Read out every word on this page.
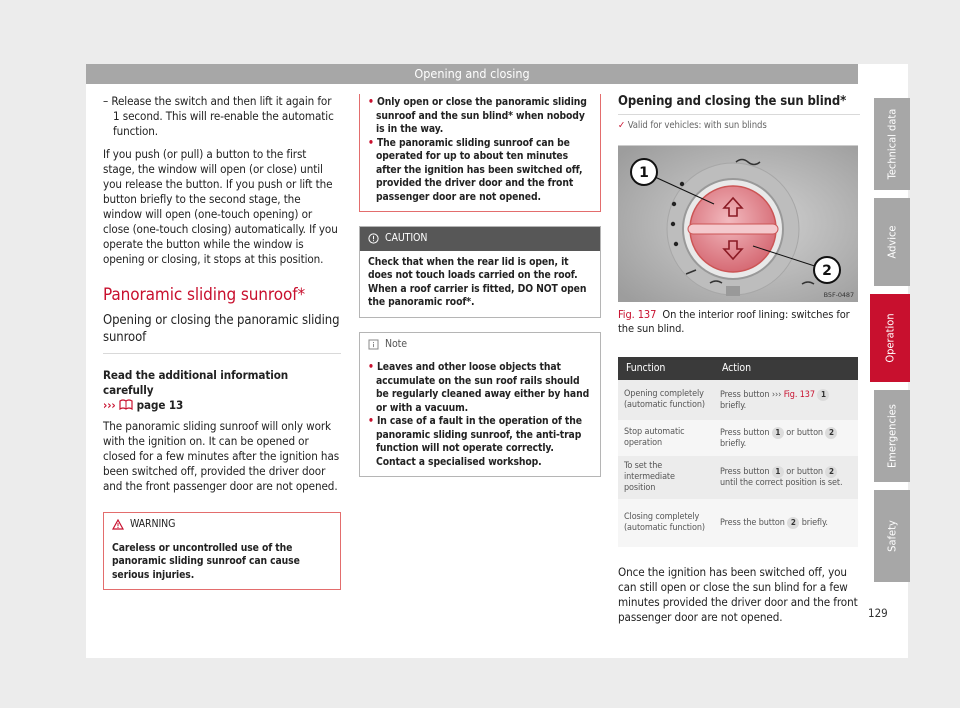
Opening and closing

– Release the switch and then lift it again for 1 second. This will re-enable the automatic function.

If you push (or pull) a button to the first stage, the window will open (or close) until you release the button. If you push or lift the button briefly to the second stage, the window will open (one-touch opening) or close (one-touch closing) automatically. If you operate the button while the window is opening or closing, it stops at this position.

Panoramic sliding sunroof*
Opening or closing the panoramic sliding sunroof

Read the additional information carefully
›››  page 13

The panoramic sliding sunroof will only work with the ignition on. It can be opened or closed for a few minutes after the ignition has been switched off, provided the driver door and the front passenger door are not opened.

WARNING
Careless or uncontrolled use of the panoramic sliding sunroof can cause serious injuries.

• Only open or close the panoramic sliding sunroof and the sun blind* when nobody is in the way.

• The panoramic sliding sunroof can be operated for up to about ten minutes after the ignition has been switched off, provided the driver door and the front passenger door are not opened.

CAUTION
Check that when the rear lid is open, it does not touch loads carried on the roof. When a roof carrier is fitted, DO NOT open the panoramic roof*.
Note

• Leaves and other loose objects that accumulate on the sun roof rails should be regularly cleaned away either by hand or with a vacuum.

• In case of a fault in the operation of the panoramic sliding sunroof, the anti-trap function will not operate correctly. Contact a specialised workshop.

Opening and closing the sun blind*

✓ Valid for vehicles: with sun blinds

1
2
B5F-0487

Fig. 137 On the interior roof lining: switches for the sun blind.

Function	Action
Opening completely (automatic function)	Press button ››› Fig. 137 1 briefly.
Stop automatic operation	Press button 1 or button 2 briefly.
To set the intermediate position	Press button 1 or button 2 until the correct position is set.
Closing completely (automatic function)	Press the button 2 briefly.

Once the ignition has been switched off, you can still open or close the sun blind for a few minutes provided the driver door and the front passenger door are not opened.

Technical data
Advice
Operation
Emergencies
Safety
129
